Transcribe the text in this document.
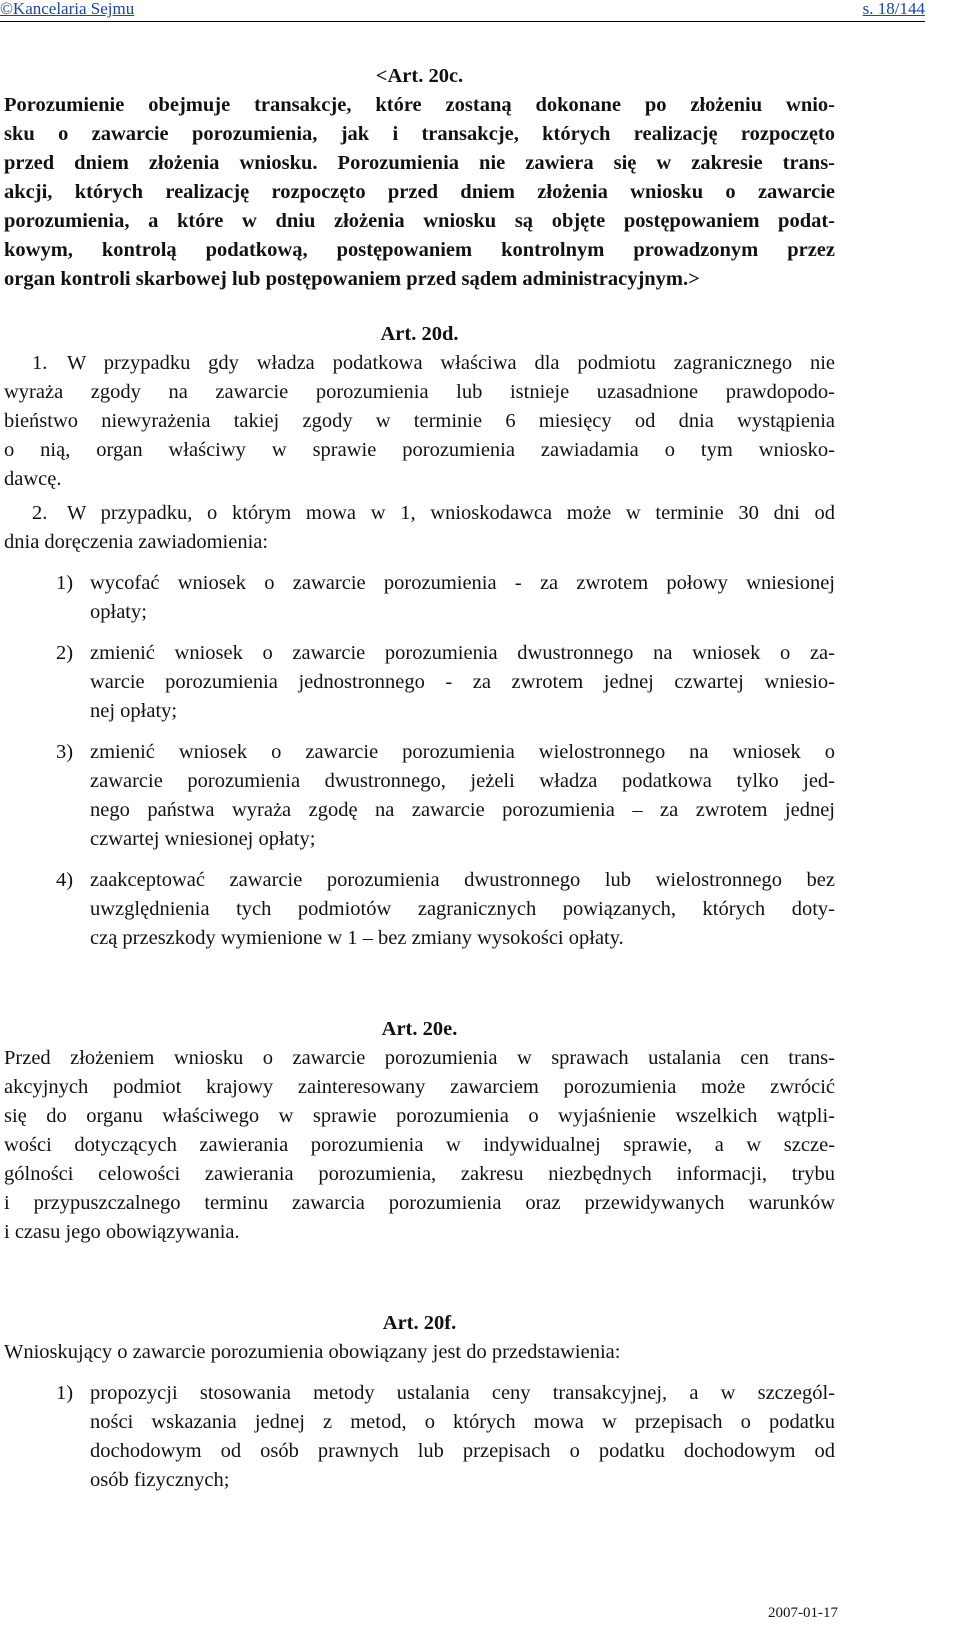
©Kancelaria Sejmu	s. 18/144
<Art. 20c.
Porozumienie obejmuje transakcje, które zostaną dokonane po złożeniu wnio-
sku o zawarcie porozumienia, jak i transakcje, których realizację rozpoczęto
przed dniem złożenia wniosku. Porozumienia nie zawiera się w zakresie trans-
akcji, których realizację rozpoczęto przed dniem złożenia wniosku o zawarcie
porozumienia, a które w dniu złożenia wniosku są objęte postępowaniem podat-
kowym, kontrolą podatkową, postępowaniem kontrolnym prowadzonym przez
organ kontroli skarbowej lub postępowaniem przed sądem administracyjnym.>
Art. 20d.
1. W przypadku gdy władza podatkowa właściwa dla podmiotu zagranicznego nie
wyraża zgody na zawarcie porozumienia lub istnieje uzasadnione prawdopodo-
bieństwo niewyrażenia takiej zgody w terminie 6 miesięcy od dnia wystąpienia
o nią, organ właściwy w sprawie porozumienia zawiadamia o tym wniosko-
dawcę.
2. W przypadku, o którym mowa w 1, wnioskodawca może w terminie 30 dni od
dnia doręczenia zawiadomienia:
1) wycofać wniosek o zawarcie porozumienia - za zwrotem połowy wniesionej
opłaty;
2) zmienić wniosek o zawarcie porozumienia dwustronnego na wniosek o za-
warcie porozumienia jednostronnego - za zwrotem jednej czwartej wniesio-
nej opłaty;
3) zmienić wniosek o zawarcie porozumienia wielostronnego na wniosek o
zawarcie porozumienia dwustronnego, jeżeli władza podatkowa tylko jed-
nego państwa wyraża zgodę na zawarcie porozumienia – za zwrotem jednej
czwartej wniesionej opłaty;
4) zaakceptować zawarcie porozumienia dwustronnego lub wielostronnego bez
uwzględnienia tych podmiotów zagranicznych powiązanych, których doty-
czą przeszkody wymienione w 1 – bez zmiany wysokości opłaty.
Art. 20e.
Przed złożeniem wniosku o zawarcie porozumienia w sprawach ustalania cen trans-
akcyjnych podmiot krajowy zainteresowany zawarciem porozumienia może zwrócić
się do organu właściwego w sprawie porozumienia o wyjaśnienie wszelkich wątpli-
wości dotyczących zawierania porozumienia w indywidualnej sprawie, a w szcze-
gólności celowości zawierania porozumienia, zakresu niezbędnych informacji, trybu
i przypuszczalnego terminu zawarcia porozumienia oraz przewidywanych warunków
i czasu jego obowiązywania.
Art. 20f.
Wnioskujący o zawarcie porozumienia obowiązany jest do przedstawienia:
1) propozycji stosowania metody ustalania ceny transakcyjnej, a w szczegól-
ności wskazania jednej z metod, o których mowa w przepisach o podatku
dochodowym od osób prawnych lub przepisach o podatku dochodowym od
osób fizycznych;
2007-01-17
